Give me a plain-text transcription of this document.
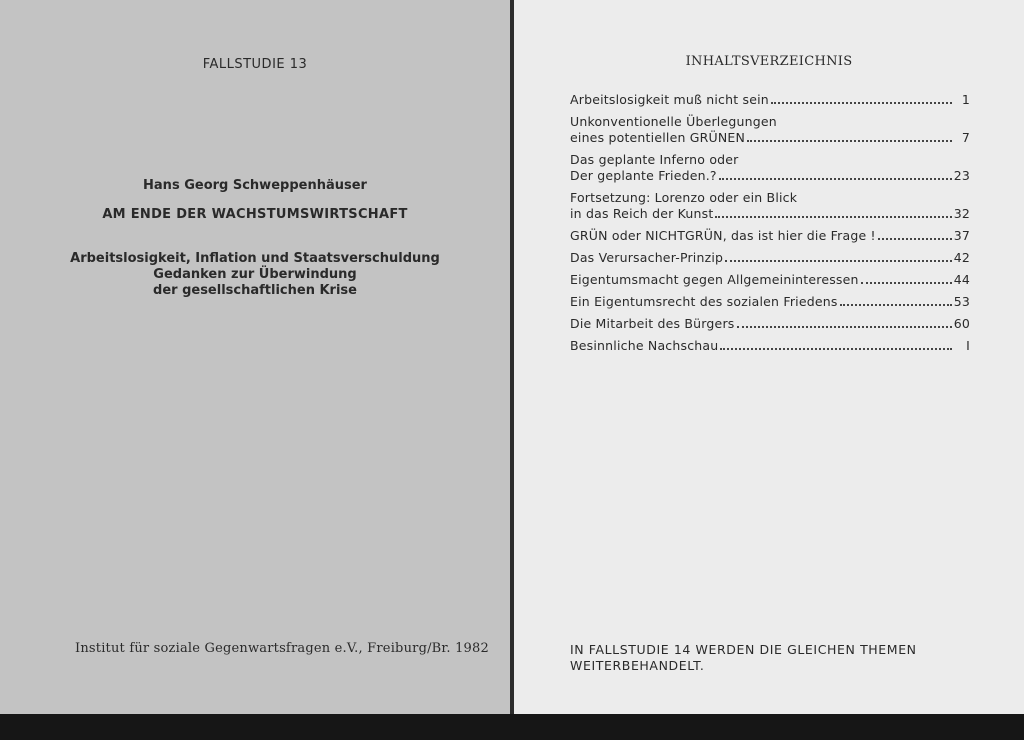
FALLSTUDIE 13
Hans Georg Schweppenhäuser
AM ENDE DER WACHSTUMSWIRTSCHAFT
Arbeitslosigkeit, Inflation und Staatsverschuldung
Gedanken zur Überwindung
der gesellschaftlichen Krise
Institut für soziale Gegenwartsfragen e.V., Freiburg/Br. 1982
INHALTSVERZEICHNIS
Arbeitslosigkeit muß nicht sein	1
Unkonventionelle Überlegungen
eines potentiellen GRÜNEN	7
Das geplante Inferno oder
Der geplante Frieden.?	23
Fortsetzung: Lorenzo oder ein Blick
in das Reich der Kunst	32
GRÜN oder NICHTGRÜN, das ist hier die Frage !	37
Das Verursacher-Prinzip	42
Eigentumsmacht gegen Allgemeininteressen	44
Ein Eigentumsrecht des sozialen Friedens	53
Die Mitarbeit des Bürgers	60
Besinnliche Nachschau	I
IN FALLSTUDIE 14 WERDEN DIE GLEICHEN THEMEN
WEITERBEHANDELT.
